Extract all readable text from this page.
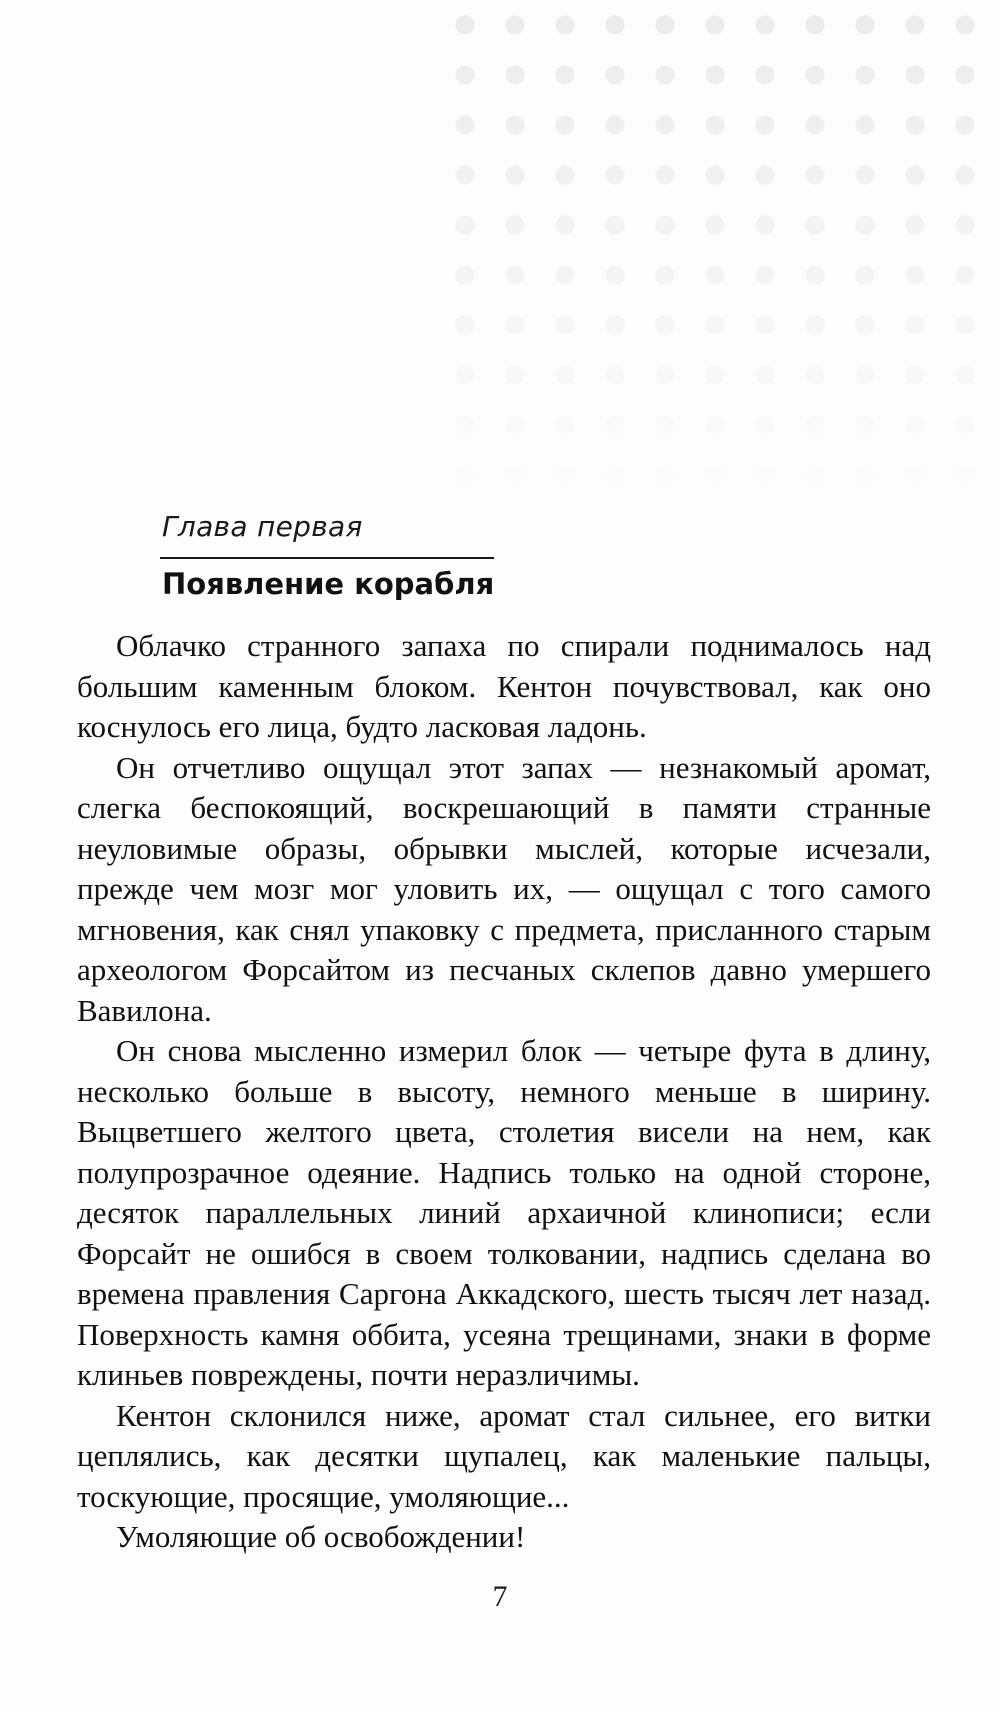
Глава первая
Появление корабля

Облачко странного запаха по спирали поднималось над большим каменным блоком. Кентон почувствовал, как оно коснулось его лица, будто ласковая ладонь.

Он отчетливо ощущал этот запах — незнакомый аромат, слегка беспокоящий, воскрешающий в памяти странные неуловимые образы, обрывки мыслей, которые исчезали, прежде чем мозг мог уловить их, — ощущал с того самого мгновения, как снял упаковку с предмета, присланного старым археологом Форсайтом из песчаных склепов давно умершего Вавилона.

Он снова мысленно измерил блок — четыре фута в длину, несколько больше в высоту, немного меньше в ширину. Выцветшего желтого цвета, столетия висели на нем, как полупрозрачное одеяние. Надпись только на одной стороне, десяток параллельных линий архаичной клинописи; если Форсайт не ошибся в своем толковании, надпись сделана во времена правления Саргона Аккадского, шесть тысяч лет назад. Поверхность камня оббита, усеяна трещинами, знаки в форме клиньев повреждены, почти неразличимы.

Кентон склонился ниже, аромат стал сильнее, его витки цеплялись, как десятки щупалец, как маленькие пальцы, тоскующие, просящие, умоляющие...

Умоляющие об освобождении!

7
